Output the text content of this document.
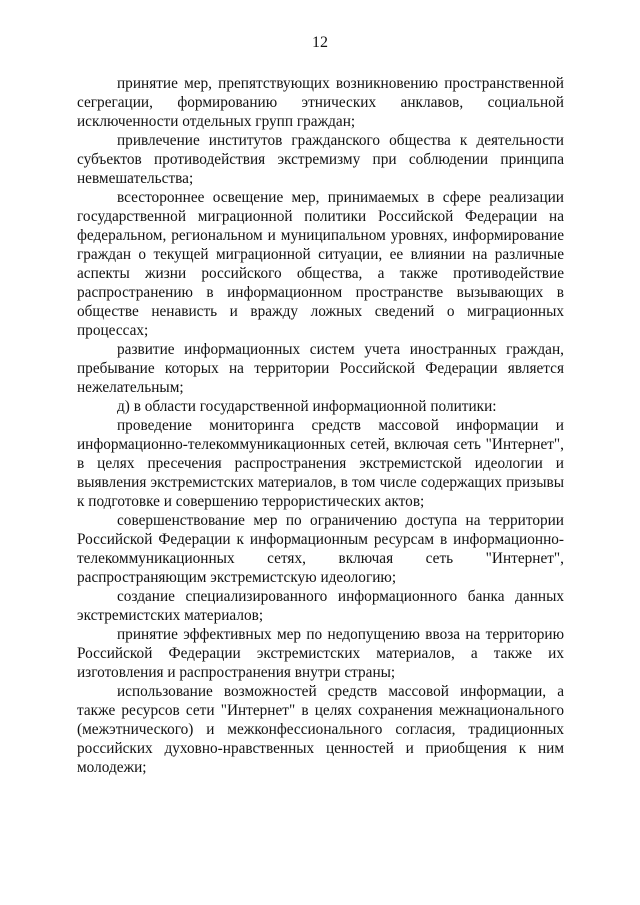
12

принятие мер, препятствующих возникновению пространственной сегрегации, формированию этнических анклавов, социальной исключенности отдельных групп граждан;

привлечение институтов гражданского общества к деятельности субъектов противодействия экстремизму при соблюдении принципа невмешательства;

всестороннее освещение мер, принимаемых в сфере реализации государственной миграционной политики Российской Федерации на федеральном, региональном и муниципальном уровнях, информирование граждан о текущей миграционной ситуации, ее влиянии на различные аспекты жизни российского общества, а также противодействие распространению в информационном пространстве вызывающих в обществе ненависть и вражду ложных сведений о миграционных процессах;

развитие информационных систем учета иностранных граждан, пребывание которых на территории Российской Федерации является нежелательным;

д) в области государственной информационной политики:

проведение мониторинга средств массовой информации и информационно-телекоммуникационных сетей, включая сеть "Интернет", в целях пресечения распространения экстремистской идеологии и выявления экстремистских материалов, в том числе содержащих призывы к подготовке и совершению террористических актов;

совершенствование мер по ограничению доступа на территории Российской Федерации к информационным ресурсам в информационно-телекоммуникационных сетях, включая сеть "Интернет", распространяющим экстремистскую идеологию;

создание специализированного информационного банка данных экстремистских материалов;

принятие эффективных мер по недопущению ввоза на территорию Российской Федерации экстремистских материалов, а также их изготовления и распространения внутри страны;

использование возможностей средств массовой информации, а также ресурсов сети "Интернет" в целях сохранения межнационального (межэтнического) и межконфессионального согласия, традиционных российских духовно-нравственных ценностей и приобщения к ним молодежи;
